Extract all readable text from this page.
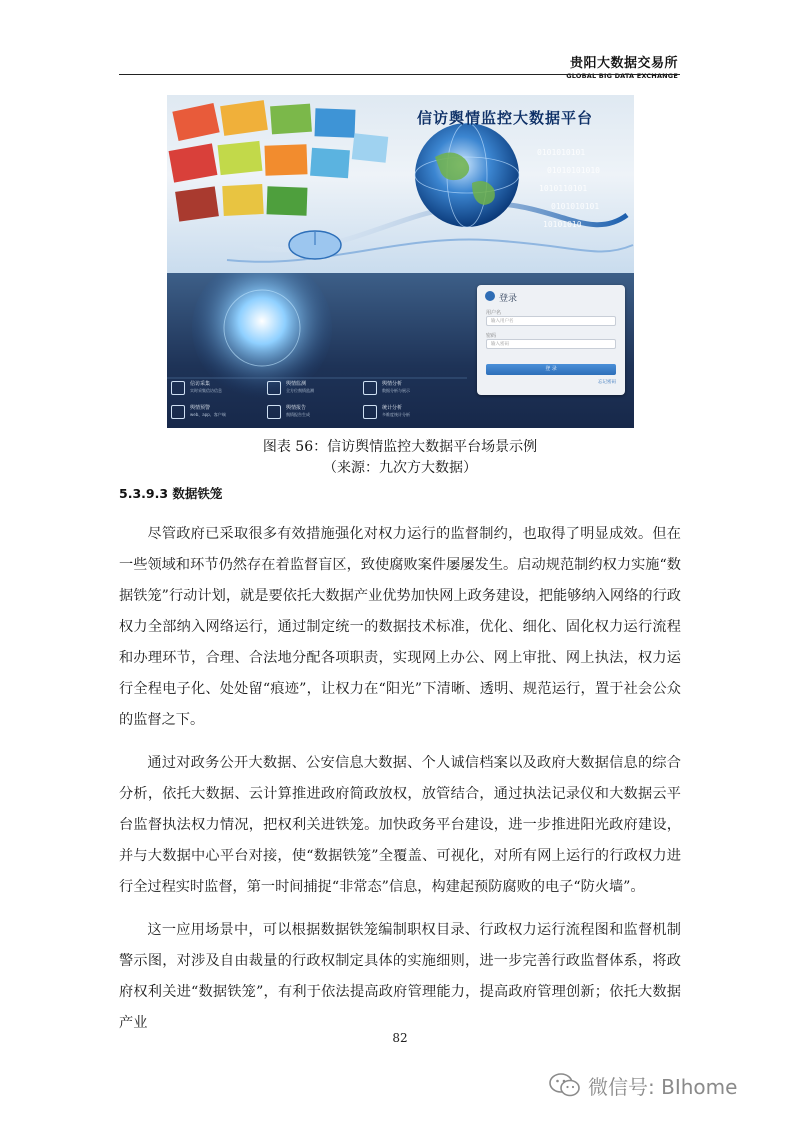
贵阳大数据交易所
GLOBAL BIG DATA EXCHANGE
0101010101
01010101010
1010110101
0101010101
10101010
信访舆情监控大数据平台
登录
用户名
输入用户名
密码
输入密码
登 录
忘记密码
信访采集
实时采集信访信息
舆情监测
全方位舆情监测
舆情分析
数据分析与展示
舆情预警
web、app、客户端
舆情报告
舆情报告生成
统计分析
多维度统计分析
图表 56：信访舆情监控大数据平台场景示例
（来源：九次方大数据）
5.3.9.3 数据铁笼

尽管政府已采取很多有效措施强化对权力运行的监督制约，也取得了明显成效。但在一些领域和环节仍然存在着监督盲区，致使腐败案件屡屡发生。启动规范制约权力实施“数据铁笼”行动计划，就是要依托大数据产业优势加快网上政务建设，把能够纳入网络的行政权力全部纳入网络运行，通过制定统一的数据技术标准，优化、细化、固化权力运行流程和办理环节，合理、合法地分配各项职责，实现网上办公、网上审批、网上执法，权力运行全程电子化、处处留“痕迹”，让权力在“阳光”下清晰、透明、规范运行，置于社会公众的监督之下。

通过对政务公开大数据、公安信息大数据、个人诚信档案以及政府大数据信息的综合分析，依托大数据、云计算推进政府简政放权，放管结合，通过执法记录仪和大数据云平台监督执法权力情况，把权利关进铁笼。加快政务平台建设，进一步推进阳光政府建设，并与大数据中心平台对接，使“数据铁笼”全覆盖、可视化，对所有网上运行的行政权力进行全过程实时监督，第一时间捕捉“非常态”信息，构建起预防腐败的电子“防火墙”。

这一应用场景中，可以根据数据铁笼编制职权目录、行政权力运行流程图和监督机制警示图，对涉及自由裁量的行政权制定具体的实施细则，进一步完善行政监督体系，将政府权利关进“数据铁笼”，有利于依法提高政府管理能力，提高政府管理创新；依托大数据产业

82
微信号: BIhome
